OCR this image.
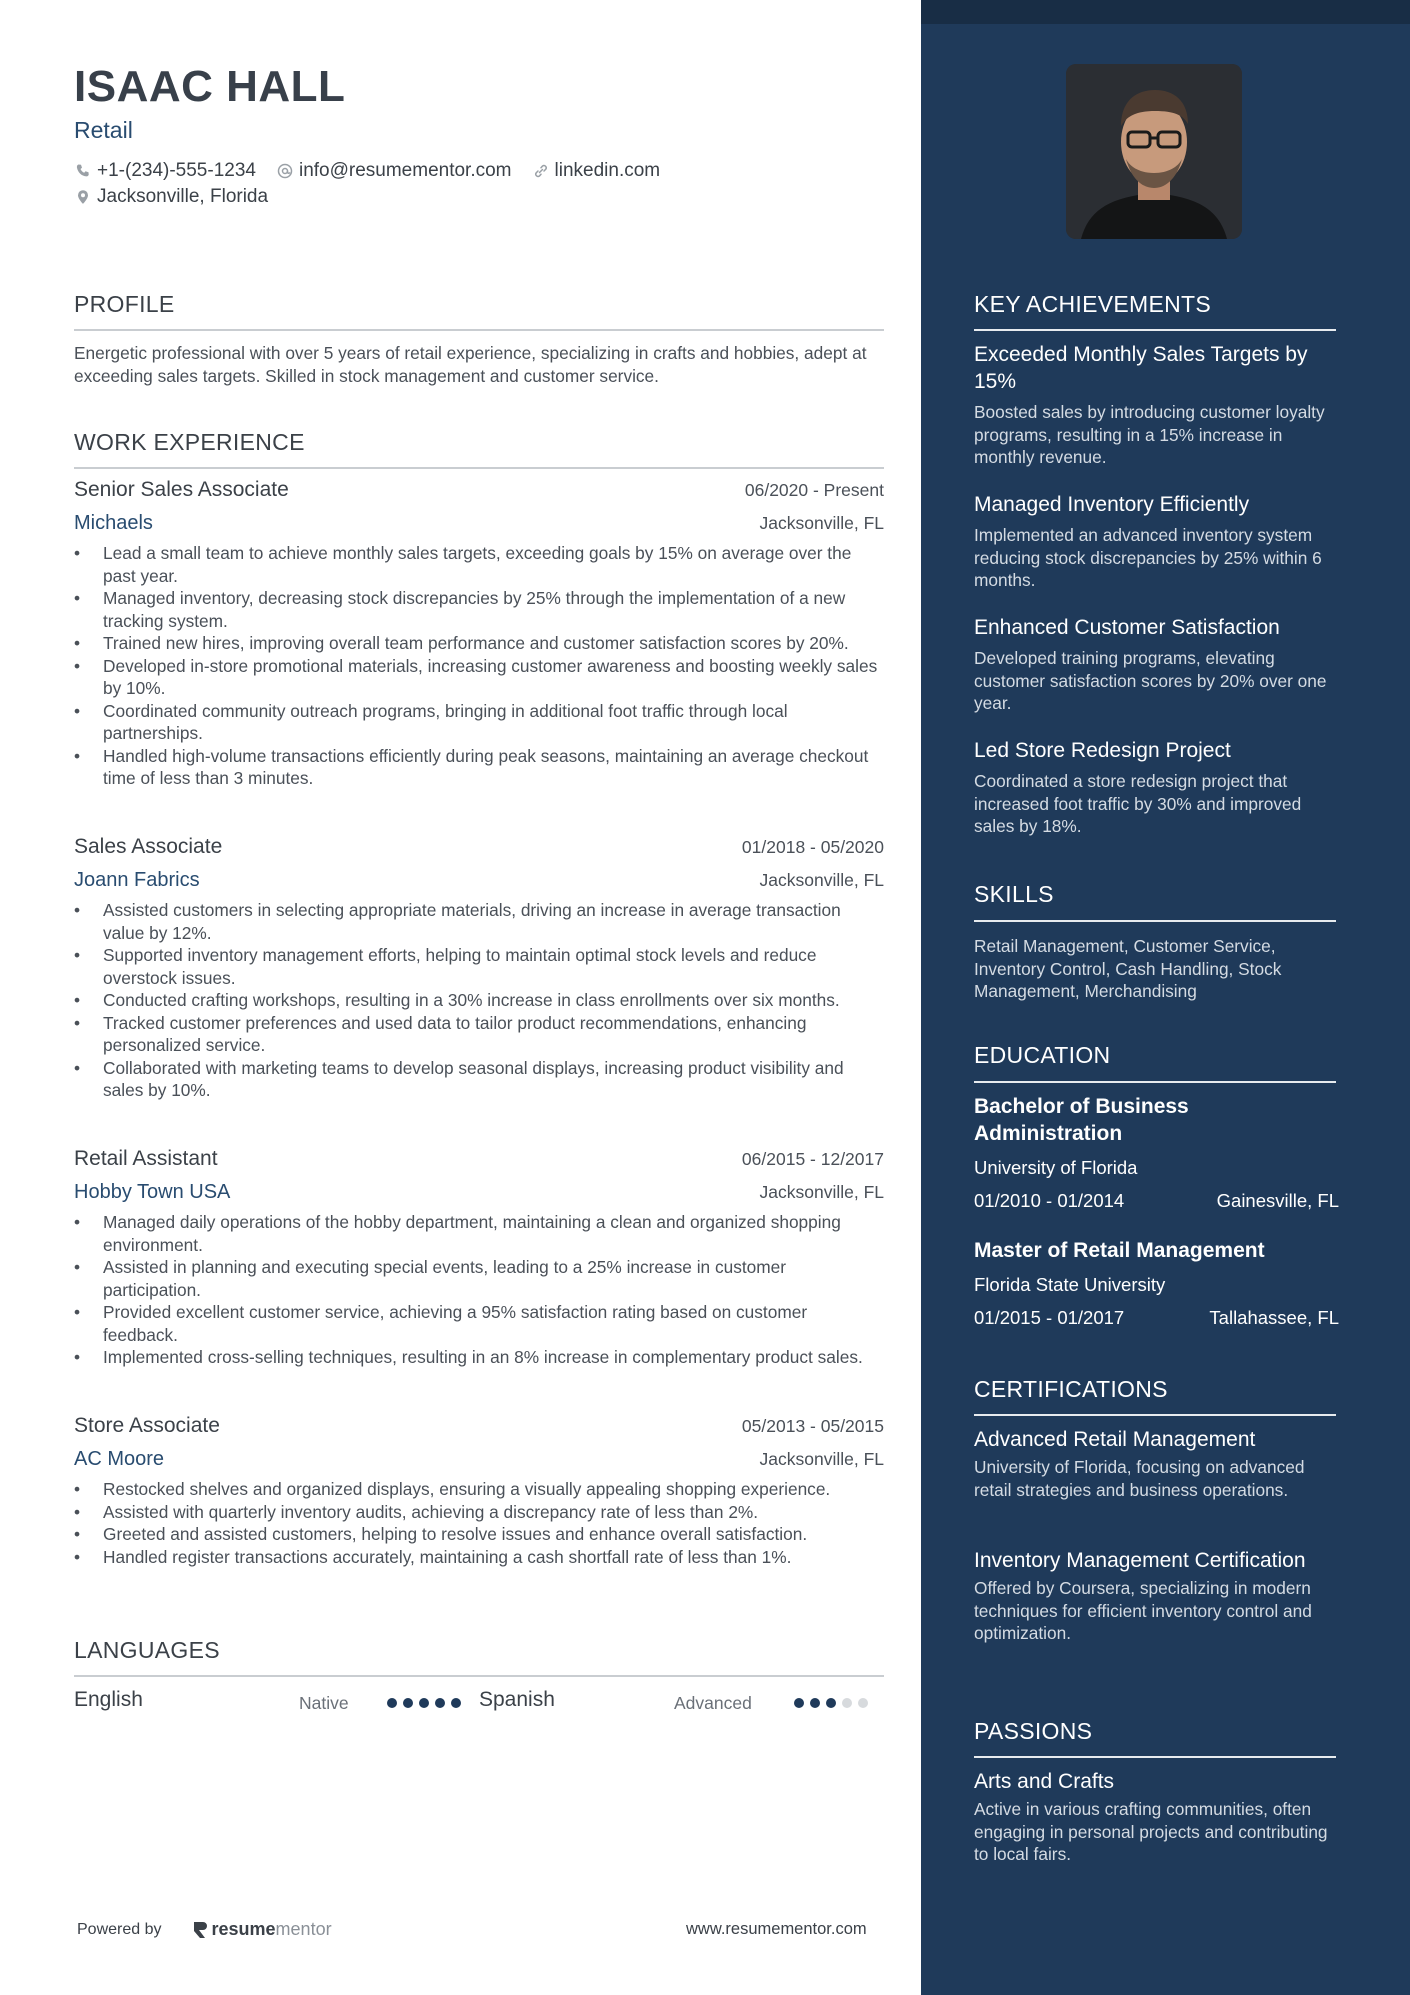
ISAAC HALL
Retail
+1-(234)-555-1234 info@resumementor.com linkedin.com
Jacksonville, Florida
PROFILE
Energetic professional with over 5 years of retail experience, specializing in crafts and hobbies, adept at exceeding sales targets. Skilled in stock management and customer service.
WORK EXPERIENCE
Senior Sales Associate	06/2020 - Present
Michaels	Jacksonville, FL
• Lead a small team to achieve monthly sales targets, exceeding goals by 15% on average over the past year.
• Managed inventory, decreasing stock discrepancies by 25% through the implementation of a new tracking system.
• Trained new hires, improving overall team performance and customer satisfaction scores by 20%.
• Developed in-store promotional materials, increasing customer awareness and boosting weekly sales by 10%.
• Coordinated community outreach programs, bringing in additional foot traffic through local partnerships.
• Handled high-volume transactions efficiently during peak seasons, maintaining an average checkout time of less than 3 minutes.
Sales Associate	01/2018 - 05/2020
Joann Fabrics	Jacksonville, FL
• Assisted customers in selecting appropriate materials, driving an increase in average transaction value by 12%.
• Supported inventory management efforts, helping to maintain optimal stock levels and reduce overstock issues.
• Conducted crafting workshops, resulting in a 30% increase in class enrollments over six months.
• Tracked customer preferences and used data to tailor product recommendations, enhancing personalized service.
• Collaborated with marketing teams to develop seasonal displays, increasing product visibility and sales by 10%.
Retail Assistant	06/2015 - 12/2017
Hobby Town USA	Jacksonville, FL
• Managed daily operations of the hobby department, maintaining a clean and organized shopping environment.
• Assisted in planning and executing special events, leading to a 25% increase in customer participation.
• Provided excellent customer service, achieving a 95% satisfaction rating based on customer feedback.
• Implemented cross-selling techniques, resulting in an 8% increase in complementary product sales.
Store Associate	05/2013 - 05/2015
AC Moore	Jacksonville, FL
• Restocked shelves and organized displays, ensuring a visually appealing shopping experience.
• Assisted with quarterly inventory audits, achieving a discrepancy rate of less than 2%.
• Greeted and assisted customers, helping to resolve issues and enhance overall satisfaction.
• Handled register transactions accurately, maintaining a cash shortfall rate of less than 1%.
LANGUAGES
English	Native	Spanish	Advanced
Powered by	resume mentor	www.resumementor.com
KEY ACHIEVEMENTS
Exceeded Monthly Sales Targets by 15%
Boosted sales by introducing customer loyalty programs, resulting in a 15% increase in monthly revenue.
Managed Inventory Efficiently
Implemented an advanced inventory system reducing stock discrepancies by 25% within 6 months.
Enhanced Customer Satisfaction
Developed training programs, elevating customer satisfaction scores by 20% over one year.
Led Store Redesign Project
Coordinated a store redesign project that increased foot traffic by 30% and improved sales by 18%.
SKILLS
Retail Management, Customer Service, Inventory Control, Cash Handling, Stock Management, Merchandising
EDUCATION
Bachelor of Business Administration
University of Florida
01/2010 - 01/2014	Gainesville, FL
Master of Retail Management
Florida State University
01/2015 - 01/2017	Tallahassee, FL
CERTIFICATIONS
Advanced Retail Management
University of Florida, focusing on advanced retail strategies and business operations.
Inventory Management Certification
Offered by Coursera, specializing in modern techniques for efficient inventory control and optimization.
PASSIONS
Arts and Crafts
Active in various crafting communities, often engaging in personal projects and contributing to local fairs.
